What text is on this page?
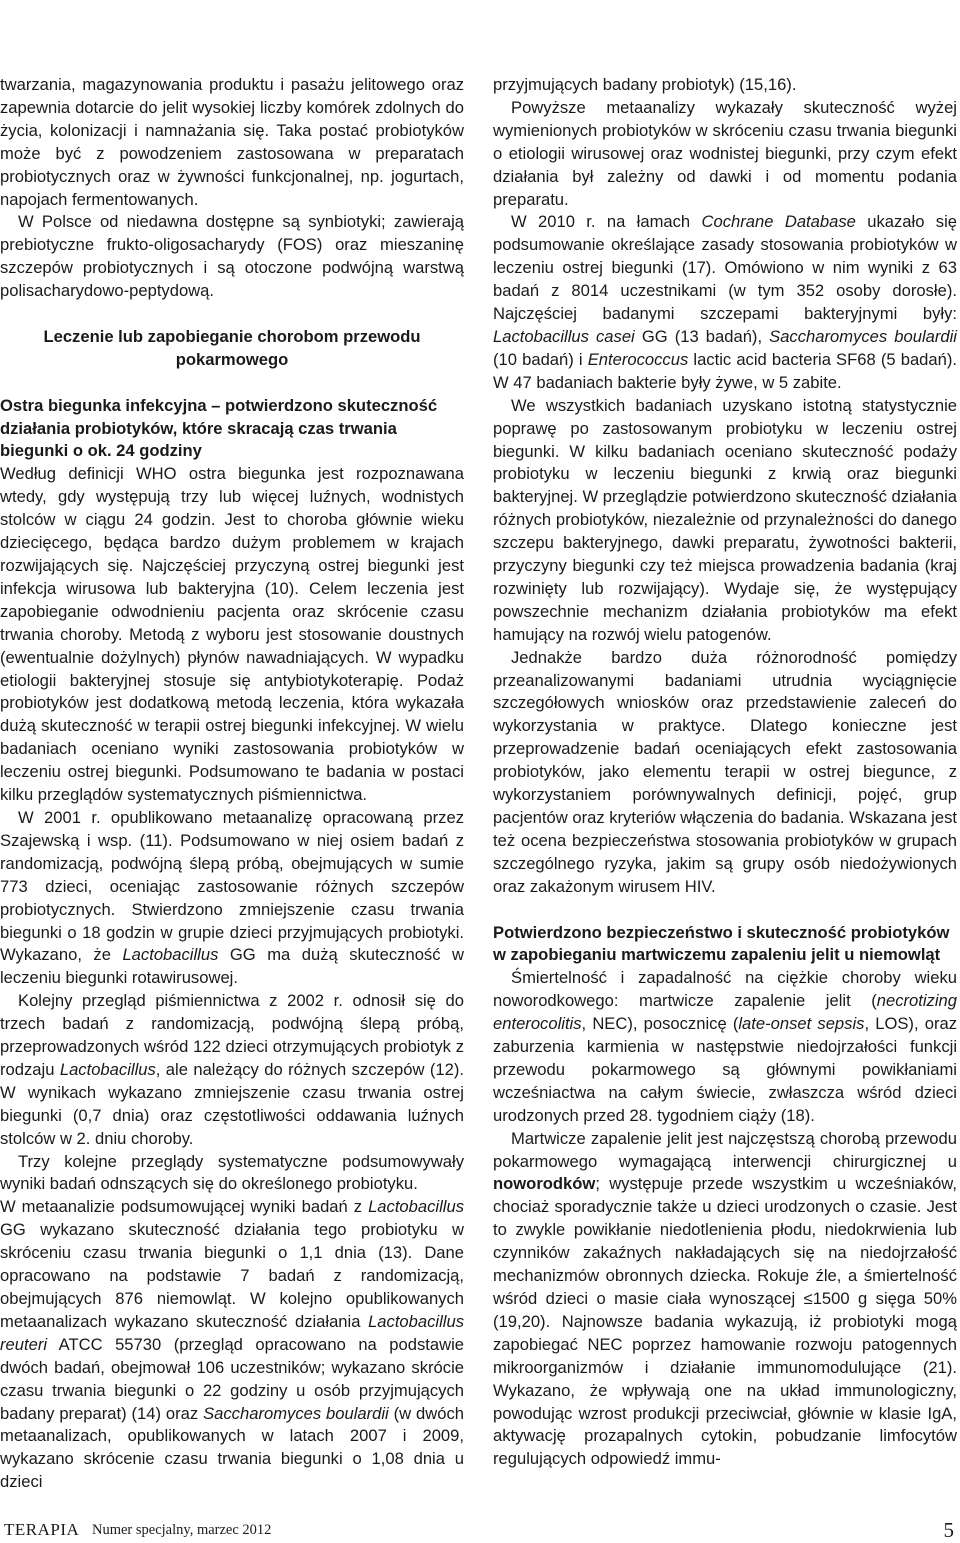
twarzania, magazynowania produktu i pasażu jelitowego oraz zapewnia dotarcie do jelit wysokiej liczby komórek zdolnych do życia, kolonizacji i namnażania się. Taka postać probiotyków może być z powodzeniem zastosowana w preparatach probiotycznych oraz w żywności funkcjonalnej, np. jogurtach, napojach fermentowanych.

W Polsce od niedawna dostępne są synbiotyki; zawierają prebiotyczne frukto-oligosacharydy (FOS) oraz mieszaninę szczepów probiotycznych i są otoczone podwójną warstwą polisacharydowo-peptydową.

Leczenie lub zapobieganie chorobom przewodu pokarmowego
Ostra biegunka infekcyjna – potwierdzono skuteczność działania probiotyków, które skracają czas trwania biegunki o ok. 24 godziny

Według definicji WHO ostra biegunka jest rozpoznawana wtedy, gdy występują trzy lub więcej luźnych, wodnistych stolców w ciągu 24 godzin. Jest to choroba głównie wieku dziecięcego, będąca bardzo dużym problemem w krajach rozwijających się. Najczęściej przyczyną ostrej biegunki jest infekcja wirusowa lub bakteryjna (10). Celem leczenia jest zapobieganie odwodnieniu pacjenta oraz skrócenie czasu trwania choroby. Metodą z wyboru jest stosowanie doustnych (ewentualnie dożylnych) płynów nawadniających. W wypadku etiologii bakteryjnej stosuje się antybiotykoterapię. Podaż probiotyków jest dodatkową metodą leczenia, która wykazała dużą skuteczność w terapii ostrej biegunki infekcyjnej. W wielu badaniach oceniano wyniki zastosowania probiotyków w leczeniu ostrej biegunki. Podsumowano te badania w postaci kilku przeglądów systematycznych piśmiennictwa.

W 2001 r. opublikowano metaanalizę opracowaną przez Szajewską i wsp. (11). Podsumowano w niej osiem badań z randomizacją, podwójną ślepą próbą, obejmujących w sumie 773 dzieci, oceniając zastosowanie różnych szczepów probiotycznych. Stwierdzono zmniejszenie czasu trwania biegunki o 18 godzin w grupie dzieci przyjmujących probiotyki. Wykazano, że Lactobacillus GG ma dużą skuteczność w leczeniu biegunki rotawirusowej.

Kolejny przegląd piśmiennictwa z 2002 r. odnosił się do trzech badań z randomizacją, podwójną ślepą próbą, przeprowadzonych wśród 122 dzieci otrzymujących probiotyk z rodzaju Lactobacillus, ale należący do różnych szczepów (12). W wynikach wykazano zmniejszenie czasu trwania ostrej biegunki (0,7 dnia) oraz częstotliwości oddawania luźnych stolców w 2. dniu choroby.

Trzy kolejne przeglądy systematyczne podsumowywały wyniki badań odnszących się do określonego probiotyku.

W metaanalizie podsumowującej wyniki badań z Lactobacillus GG wykazano skuteczność działania tego probiotyku w skróceniu czasu trwania biegunki o 1,1 dnia (13). Dane opracowano na podstawie 7 badań z randomizacją, obejmujących 876 niemowląt. W kolejno opublikowanych metaanalizach wykazano skuteczność działania Lactobacillus reuteri ATCC 55730 (przegląd opracowano na podstawie dwóch badań, obejmował 106 uczestników; wykazano skrócie czasu trwania biegunki o 22 godziny u osób przyjmujących badany preparat) (14) oraz Saccharomyces boulardii (w dwóch metaanalizach, opublikowanych w latach 2007 i 2009, wykazano skrócenie czasu trwania biegunki o 1,08 dnia u dzieci

przyjmujących badany probiotyk) (15,16).

Powyższe metaanalizy wykazały skuteczność wyżej wymienionych probiotyków w skróceniu czasu trwania biegunki o etiologii wirusowej oraz wodnistej biegunki, przy czym efekt działania był zależny od dawki i od momentu podania preparatu.

W 2010 r. na łamach Cochrane Database ukazało się podsumowanie określające zasady stosowania probiotyków w leczeniu ostrej biegunki (17). Omówiono w nim wyniki z 63 badań z 8014 uczestnikami (w tym 352 osoby dorosłe). Najczęściej badanymi szczepami bakteryjnymi były: Lactobacillus casei GG (13 badań), Saccharomyces boulardii (10 badań) i Enterococcus lactic acid bacteria SF68 (5 badań). W 47 badaniach bakterie były żywe, w 5 zabite.

We wszystkich badaniach uzyskano istotną statystycznie poprawę po zastosowanym probiotyku w leczeniu ostrej biegunki. W kilku badaniach oceniano skuteczność podaży probiotyku w leczeniu biegunki z krwią oraz biegunki bakteryjnej. W przeglądzie potwierdzono skuteczność działania różnych probiotyków, niezależnie od przynależności do danego szczepu bakteryjnego, dawki preparatu, żywotności bakterii, przyczyny biegunki czy też miejsca prowadzenia badania (kraj rozwinięty lub rozwijający). Wydaje się, że występujący powszechnie mechanizm działania probiotyków ma efekt hamujący na rozwój wielu patogenów.

Jednakże bardzo duża różnorodność pomiędzy przeanalizowanymi badaniami utrudnia wyciągnięcie szczegółowych wniosków oraz przedstawienie zaleceń do wykorzystania w praktyce. Dlatego konieczne jest przeprowadzenie badań oceniających efekt zastosowania probiotyków, jako elementu terapii w ostrej biegunce, z wykorzystaniem porównywalnych definicji, pojęć, grup pacjentów oraz kryteriów włączenia do badania. Wskazana jest też ocena bezpieczeństwa stosowania probiotyków w grupach szczególnego ryzyka, jakim są grupy osób niedożywionych oraz zakażonym wirusem HIV.

Potwierdzono bezpieczeństwo i skuteczność probiotyków w zapobieganiu martwiczemu zapaleniu jelit u niemowląt

Śmiertelność i zapadalność na ciężkie choroby wieku noworodkowego: martwicze zapalenie jelit (necrotizing enterocolitis, NEC), posocznicę (late-onset sepsis, LOS), oraz zaburzenia karmienia w następstwie niedojrzałości funkcji przewodu pokarmowego są głównymi powikłaniami wcześniactwa na całym świecie, zwłaszcza wśród dzieci urodzonych przed 28. tygodniem ciąży (18).

Martwicze zapalenie jelit jest najczęstszą chorobą przewodu pokarmowego wymagającą interwencji chirurgicznej u noworodków; występuje przede wszystkim u wcześniaków, chociaż sporadycznie także u dzieci urodzonych o czasie. Jest to zwykle powikłanie niedotlenienia płodu, niedokrwienia lub czynników zakaźnych nakładających się na niedojrzałość mechanizmów obronnych dziecka. Rokuje źle, a śmiertelność wśród dzieci o masie ciała wynoszącej ≤1500 g sięga 50% (19,20). Najnowsze badania wykazują, iż probiotyki mogą zapobiegać NEC poprzez hamowanie rozwoju patogennych mikroorganizmów i działanie immunomodulujące (21). Wykazano, że wpływają one na układ immunologiczny, powodując wzrost produkcji przeciwciał, głównie w klasie IgA, aktywację prozapalnych cytokin, pobudzanie limfocytów regulujących odpowiedź immu-

TERAPIA Numer specjalny, marzec 2012	5
